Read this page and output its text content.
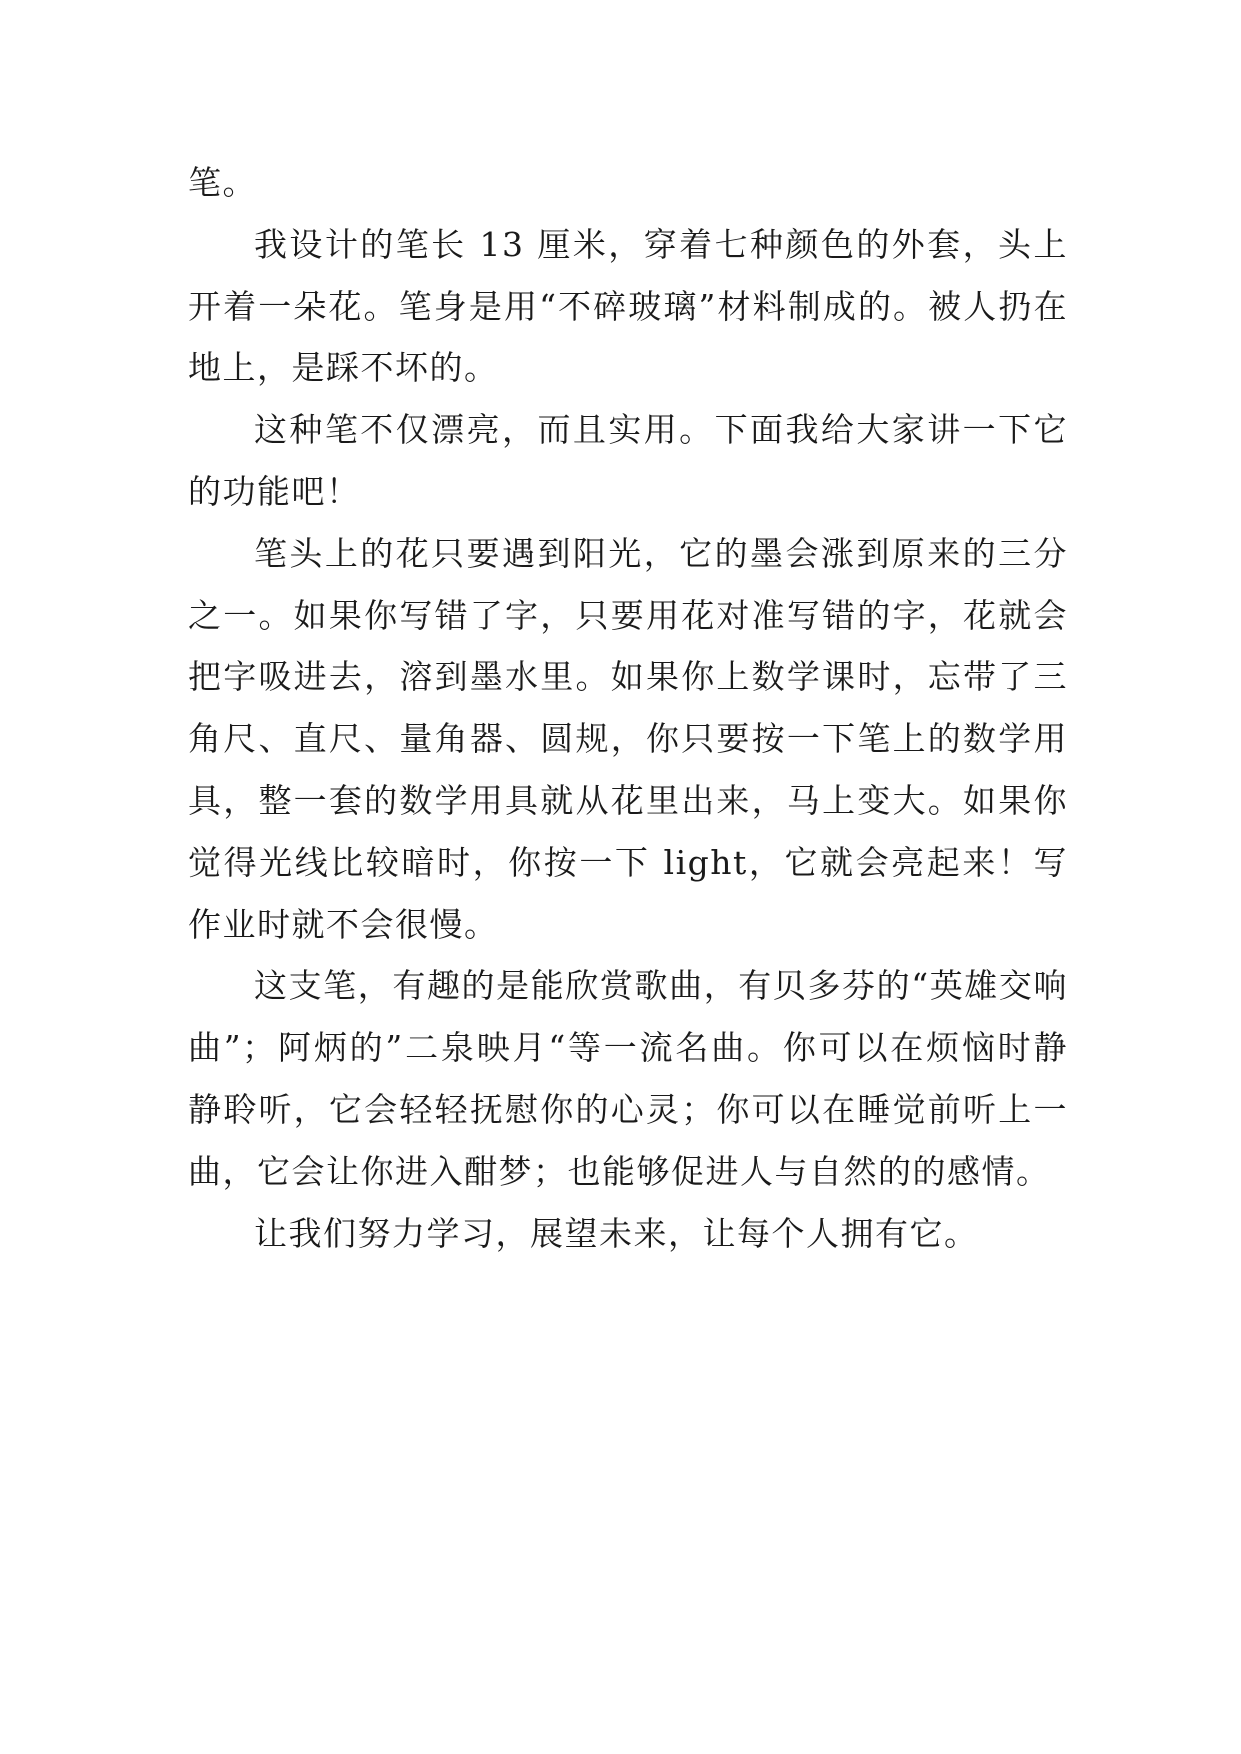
笔。

我设计的笔长 13 厘米，穿着七种颜色的外套，头上开着一朵花。笔身是用“不碎玻璃”材料制成的。被人扔在地上，是踩不坏的。

这种笔不仅漂亮，而且实用。下面我给大家讲一下它的功能吧！

笔头上的花只要遇到阳光，它的墨会涨到原来的三分之一。如果你写错了字，只要用花对准写错的字，花就会把字吸进去，溶到墨水里。如果你上数学课时，忘带了三角尺、直尺、量角器、圆规，你只要按一下笔上的数学用具，整一套的数学用具就从花里出来，马上变大。如果你觉得光线比较暗时，你按一下 light，它就会亮起来！写作业时就不会很慢。

这支笔，有趣的是能欣赏歌曲，有贝多芬的“英雄交响曲”；阿炳的”二泉映月“等一流名曲。你可以在烦恼时静静聆听，它会轻轻抚慰你的心灵；你可以在睡觉前听上一曲，它会让你进入酣梦；也能够促进人与自然的的感情。

让我们努力学习，展望未来，让每个人拥有它。
